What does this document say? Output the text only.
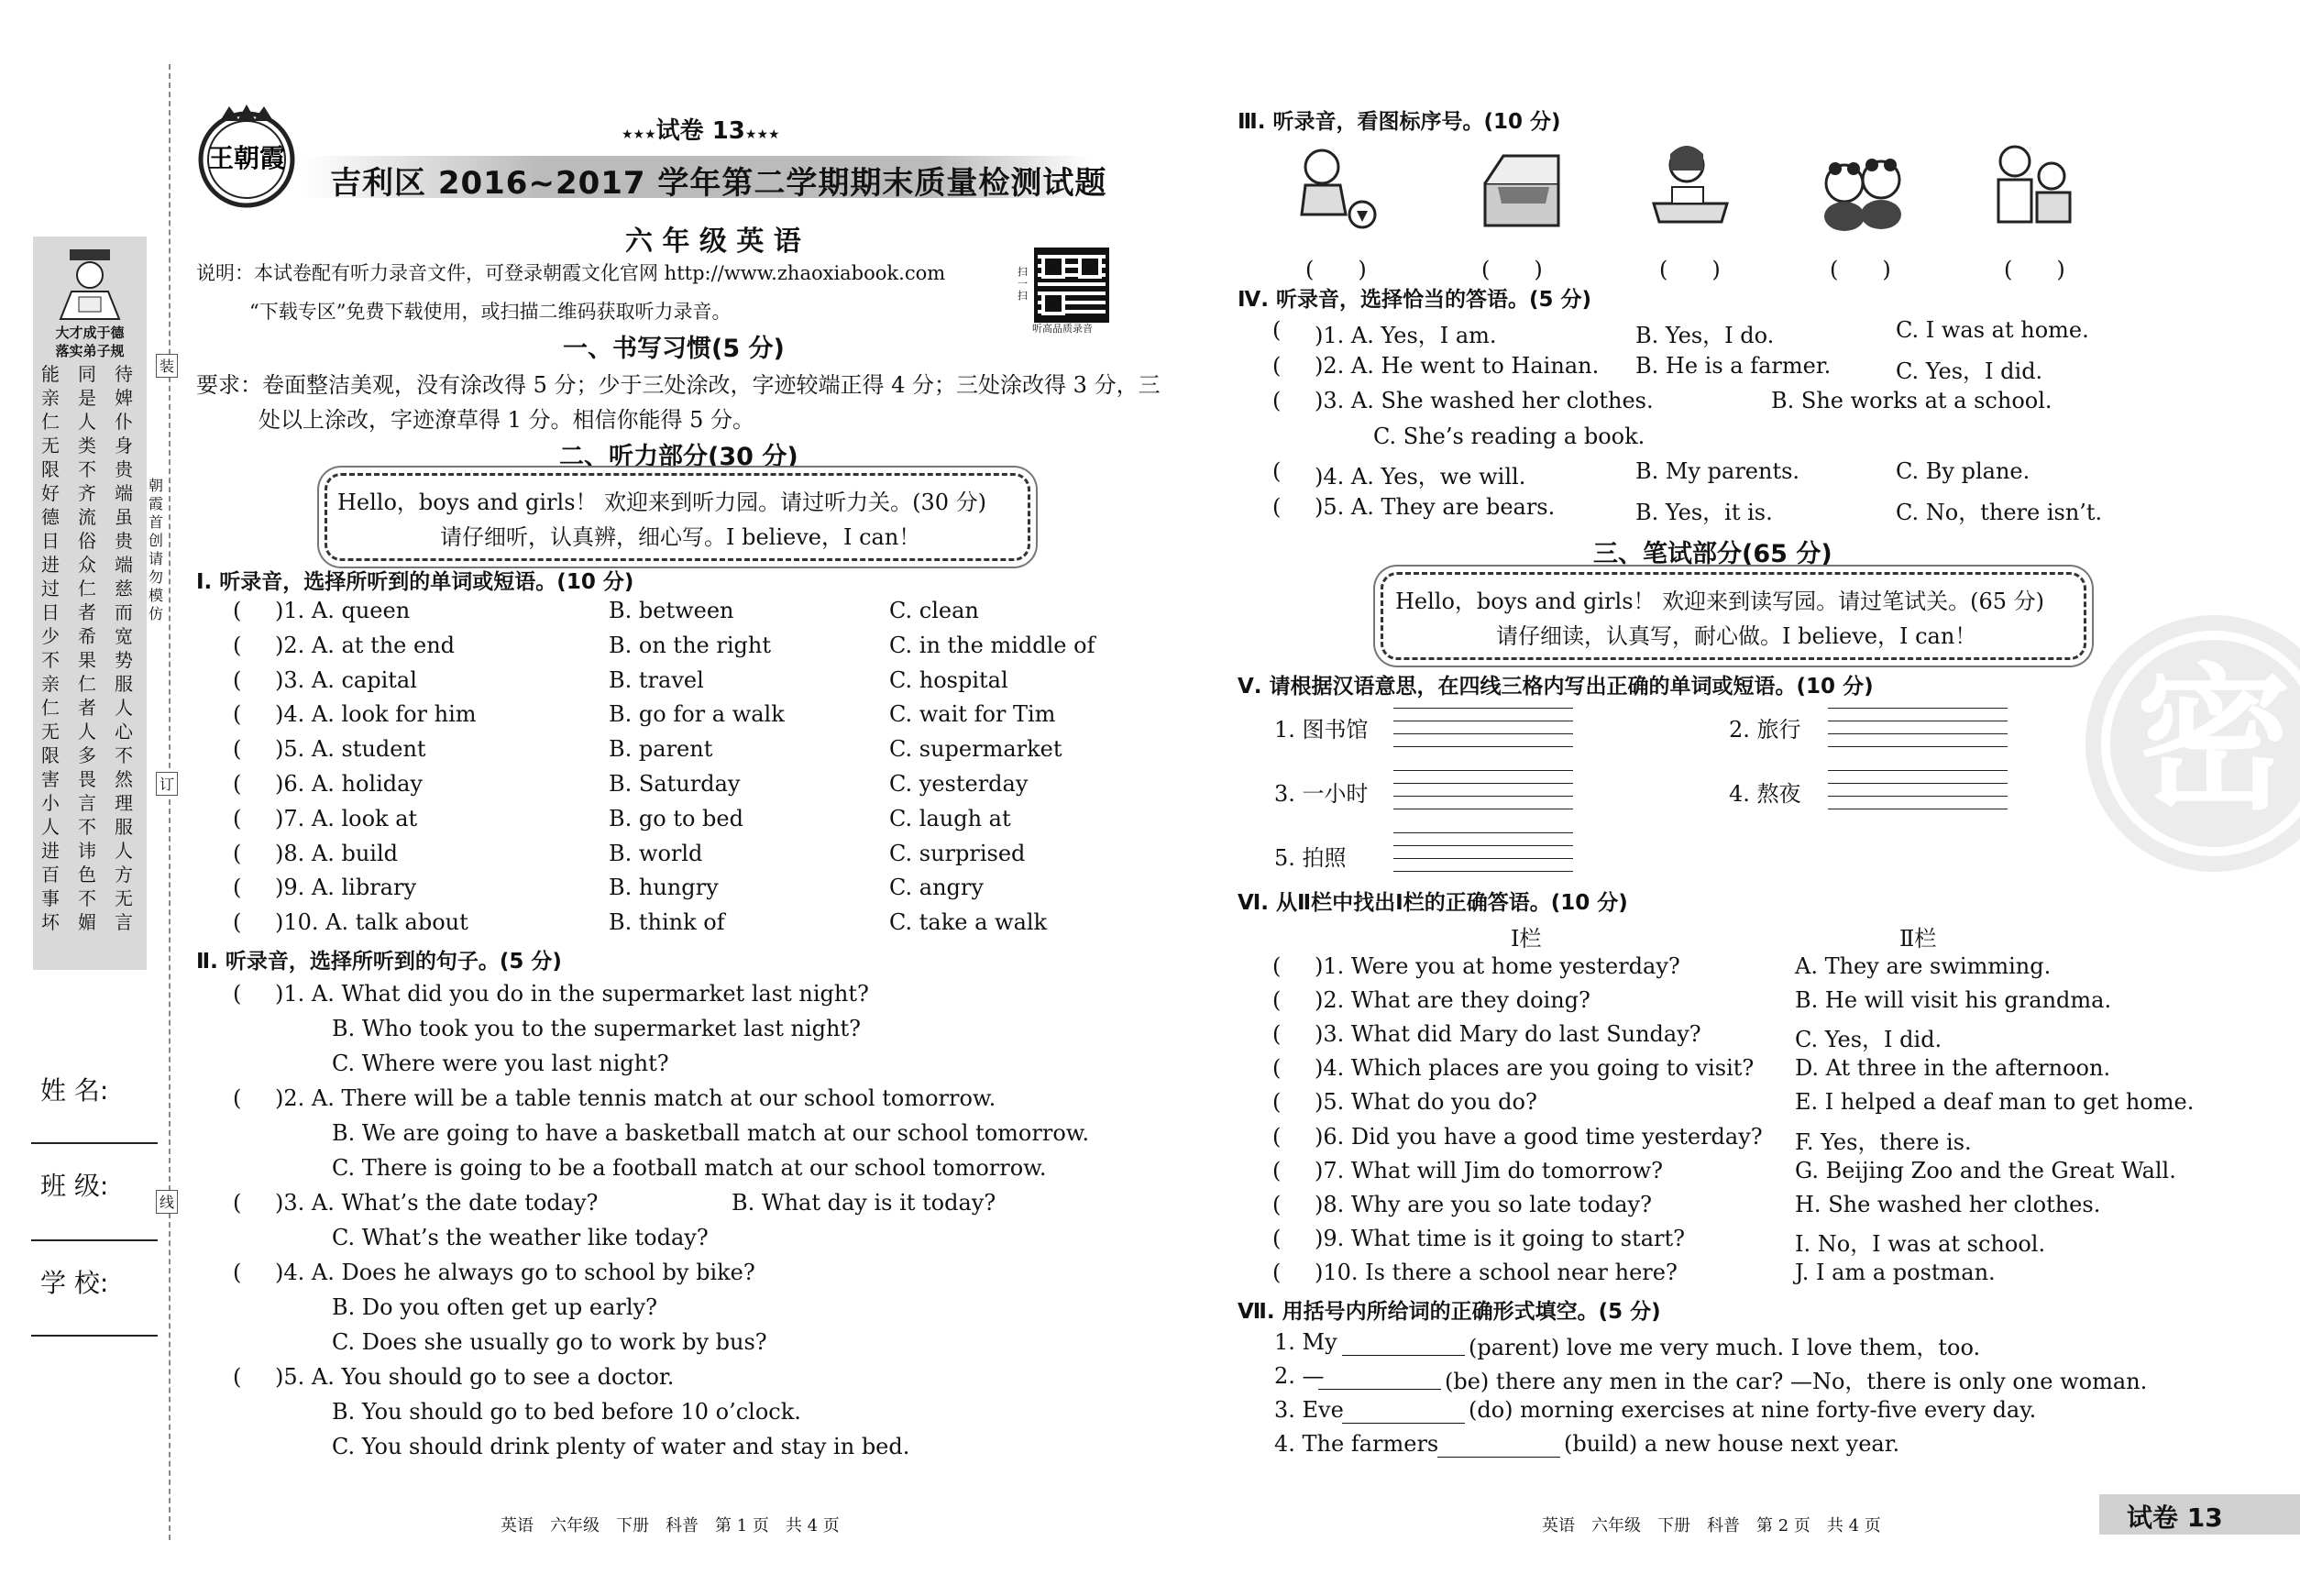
大才成于德
落实弟子规
能亲仁无限好德日进过日少不亲仁无限害小人进百事坏
同是人类不齐流俗众仁者希果仁者人多畏言不讳色不媚
待婢仆身贵端虽贵端慈而宽势服人心不然理服人方无言
朝霞首创 请勿模仿
装
订
线
姓 名:
班 级:
学 校:
王朝霞
★★★试卷 13★★★
吉利区 2016~2017 学年第二学期期末质量检测试题
六 年 级 英 语
说明：本试卷配有听力录音文件，可登录朝霞文化官网 http://www.zhaoxiabook.com
“下载专区”免费下载使用，或扫描二维码获取听力录音。
扫一扫
听高品质录音
一、书写习惯(5 分)
要求：卷面整洁美观，没有涂改得 5 分；少于三处涂改，字迹较端正得 4 分；三处涂改得 3 分，三
处以上涂改，字迹潦草得 1 分。相信你能得 5 分。
二、听力部分(30 分)
Hello，boys and girls！ 欢迎来到听力园。请过听力关。(30 分)
请仔细听，认真辨，细心写。I believe，I can！
Ⅰ. 听录音，选择所听到的单词或短语。(10 分)
( )1. A. queen	B. between	C. clean
( )2. A. at the end	B. on the right	C. in the middle of
( )3. A. capital	B. travel	C. hospital
( )4. A. look for him	B. go for a walk	C. wait for Tim
( )5. A. student	B. parent	C. supermarket
( )6. A. holiday	B. Saturday	C. yesterday
( )7. A. look at	B. go to bed	C. laugh at
( )8. A. build	B. world	C. surprised
( )9. A. library	B. hungry	C. angry
( )10. A. talk about	B. think of	C. take a walk
Ⅱ. 听录音，选择所听到的句子。(5 分)
( )1. A. What did you do in the supermarket last night?
B. Who took you to the supermarket last night?
C. Where were you last night?
( )2. A. There will be a table tennis match at our school tomorrow.
B. We are going to have a basketball match at our school tomorrow.
C. There is going to be a football match at our school tomorrow.
( )3. A. What’s the date today?	B. What day is it today?
C. What’s the weather like today?
( )4. A. Does he always go to school by bike?
B. Do you often get up early?
C. Does she usually go to work by bus?
( )5. A. You should go to see a doctor.
B. You should go to bed before 10 o’clock.
C. You should drink plenty of water and stay in bed.
英语　六年级　下册　科普　第 1 页　共 4 页
密
Ⅲ. 听录音，看图标序号。(10 分)
(　　)	(　　)	(　　)	(　　)	(　　)
Ⅳ. 听录音，选择恰当的答语。(5 分)
( )1. A. Yes，I am.	B. Yes，I do.	C. I was at home.
( )2. A. He went to Hainan. B. He is a farmer.	C. Yes，I did.
( )3. A. She washed her clothes.	B. She works at a school.
C. She’s reading a book.
( )4. A. Yes，we will.	B. My parents.	C. By plane.
( )5. A. They are bears.	B. Yes，it is.	C. No，there isn’t.
三、笔试部分(65 分)
Hello，boys and girls！ 欢迎来到读写园。请过笔试关。(65 分)
请仔细读，认真写，耐心做。I believe，I can！
Ⅴ. 请根据汉语意思，在四线三格内写出正确的单词或短语。(10 分)
1. 图书馆	2. 旅行
3. 一小时	4. 熬夜
5. 拍照
Ⅵ. 从Ⅱ栏中找出Ⅰ栏的正确答语。(10 分)
Ⅰ栏	Ⅱ栏
( )1. Were you at home yesterday?	A. They are swimming.
( )2. What are they doing?	B. He will visit his grandma.
( )3. What did Mary do last Sunday?	C. Yes，I did.
( )4. Which places are you going to visit? D. At three in the afternoon.
( )5. What do you do?	E. I helped a deaf man to get home.
( )6. Did you have a good time yesterday? F. Yes，there is.
( )7. What will Jim do tomorrow?	G. Beijing Zoo and the Great Wall.
( )8. Why are you so late today?	H. She washed her clothes.
( )9. What time is it going to start?	I. No，I was at school.
( )10. Is there a school near here?	J. I am a postman.
Ⅶ. 用括号内所给词的正确形式填空。(5 分)
1. My	(parent) love me very much. I love them，too.
2. —	(be) there any men in the car? —No，there is only one woman.
3. Eve	(do) morning exercises at nine forty-five every day.
4. The farmers	(build) a new house next year.
英语　六年级　下册　科普　第 2 页　共 4 页	试卷 13
